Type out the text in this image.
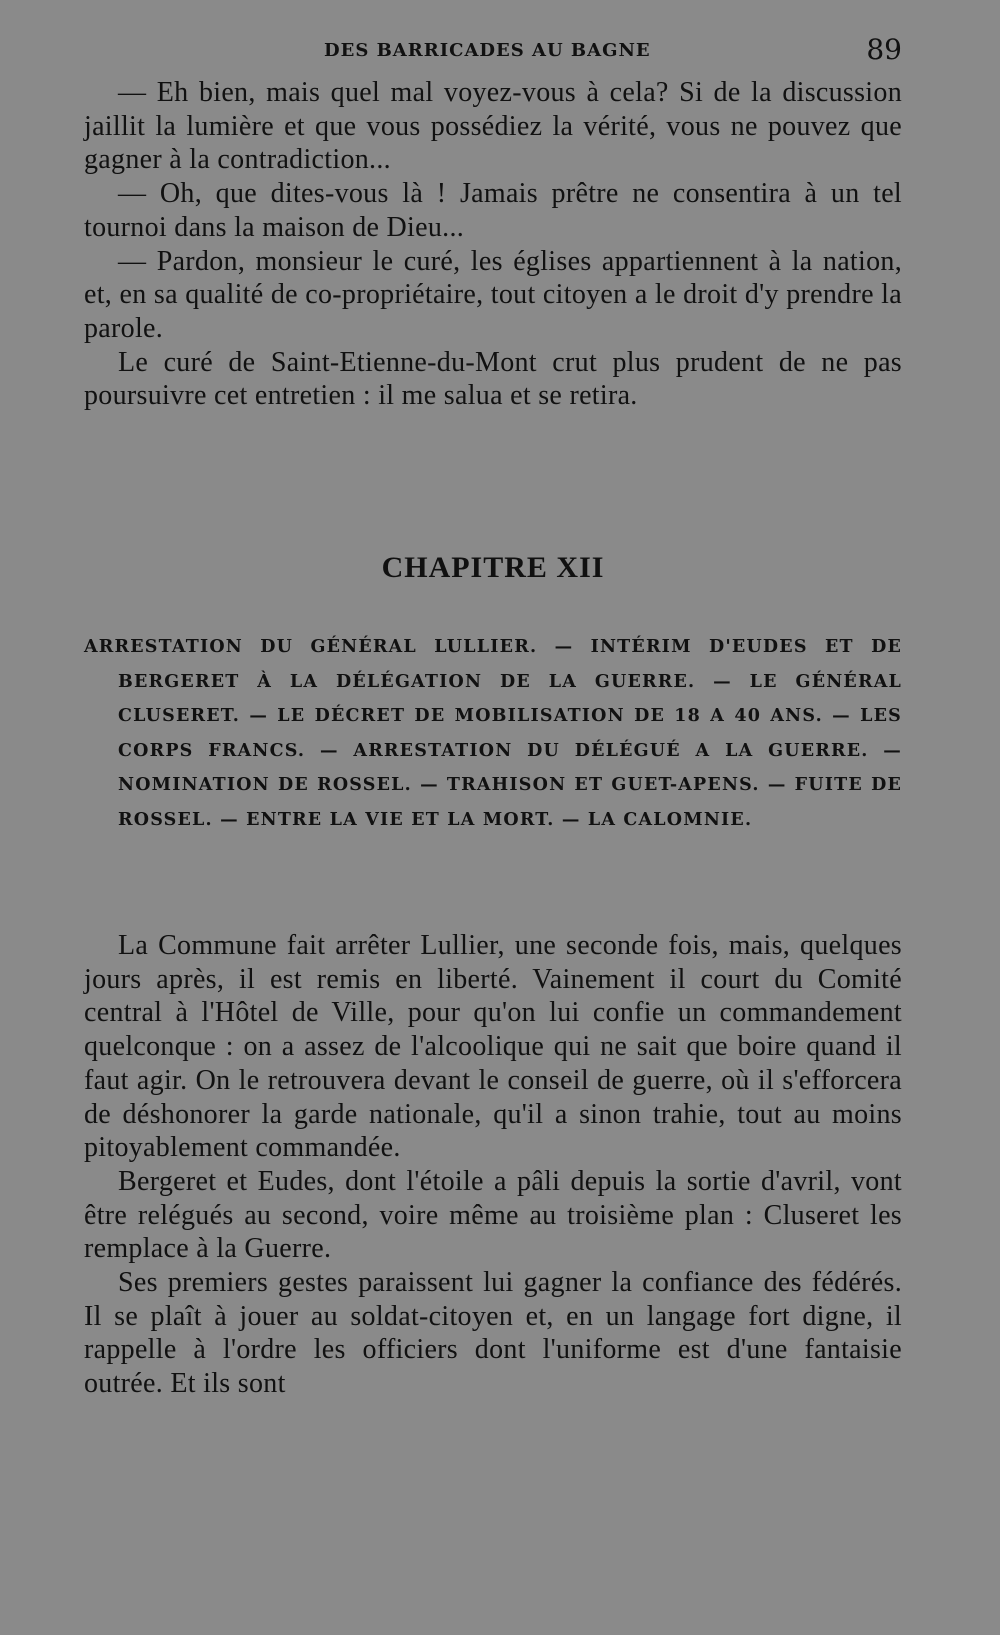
DES BARRICADES AU BAGNE	89

— Eh bien, mais quel mal voyez-vous à cela? Si de la discussion jaillit la lumière et que vous possédiez la vérité, vous ne pouvez que gagner à la contradiction...

— Oh, que dites-vous là ! Jamais prêtre ne consentira à un tel tournoi dans la maison de Dieu...

— Pardon, monsieur le curé, les églises appartiennent à la nation, et, en sa qualité de co-propriétaire, tout citoyen a le droit d'y prendre la parole.

Le curé de Saint-Etienne-du-Mont crut plus prudent de ne pas poursuivre cet entretien : il me salua et se retira.

CHAPITRE XII

ARRESTATION DU GÉNÉRAL LULLIER. — INTÉRIM D'EUDES ET DE BERGERET À LA DÉLÉGATION DE LA GUERRE. — LE GÉNÉRAL CLUSERET. — LE DÉCRET DE MOBILISATION DE 18 A 40 ANS. — LES CORPS FRANCS. — ARRESTATION DU DÉLÉGUÉ A LA GUERRE. — NOMINATION DE ROSSEL. — TRAHISON ET GUET-APENS. — FUITE DE ROSSEL. — ENTRE LA VIE ET LA MORT. — LA CALOMNIE.

La Commune fait arrêter Lullier, une seconde fois, mais, quelques jours après, il est remis en liberté. Vainement il court du Comité central à l'Hôtel de Ville, pour qu'on lui confie un commandement quelconque : on a assez de l'alcoolique qui ne sait que boire quand il faut agir. On le retrouvera devant le conseil de guerre, où il s'efforcera de déshonorer la garde nationale, qu'il a sinon trahie, tout au moins pitoyablement commandée.

Bergeret et Eudes, dont l'étoile a pâli depuis la sortie d'avril, vont être relégués au second, voire même au troisième plan : Cluseret les remplace à la Guerre.

Ses premiers gestes paraissent lui gagner la confiance des fédérés. Il se plaît à jouer au soldat-citoyen et, en un langage fort digne, il rappelle à l'ordre les officiers dont l'uniforme est d'une fantaisie outrée. Et ils sont
